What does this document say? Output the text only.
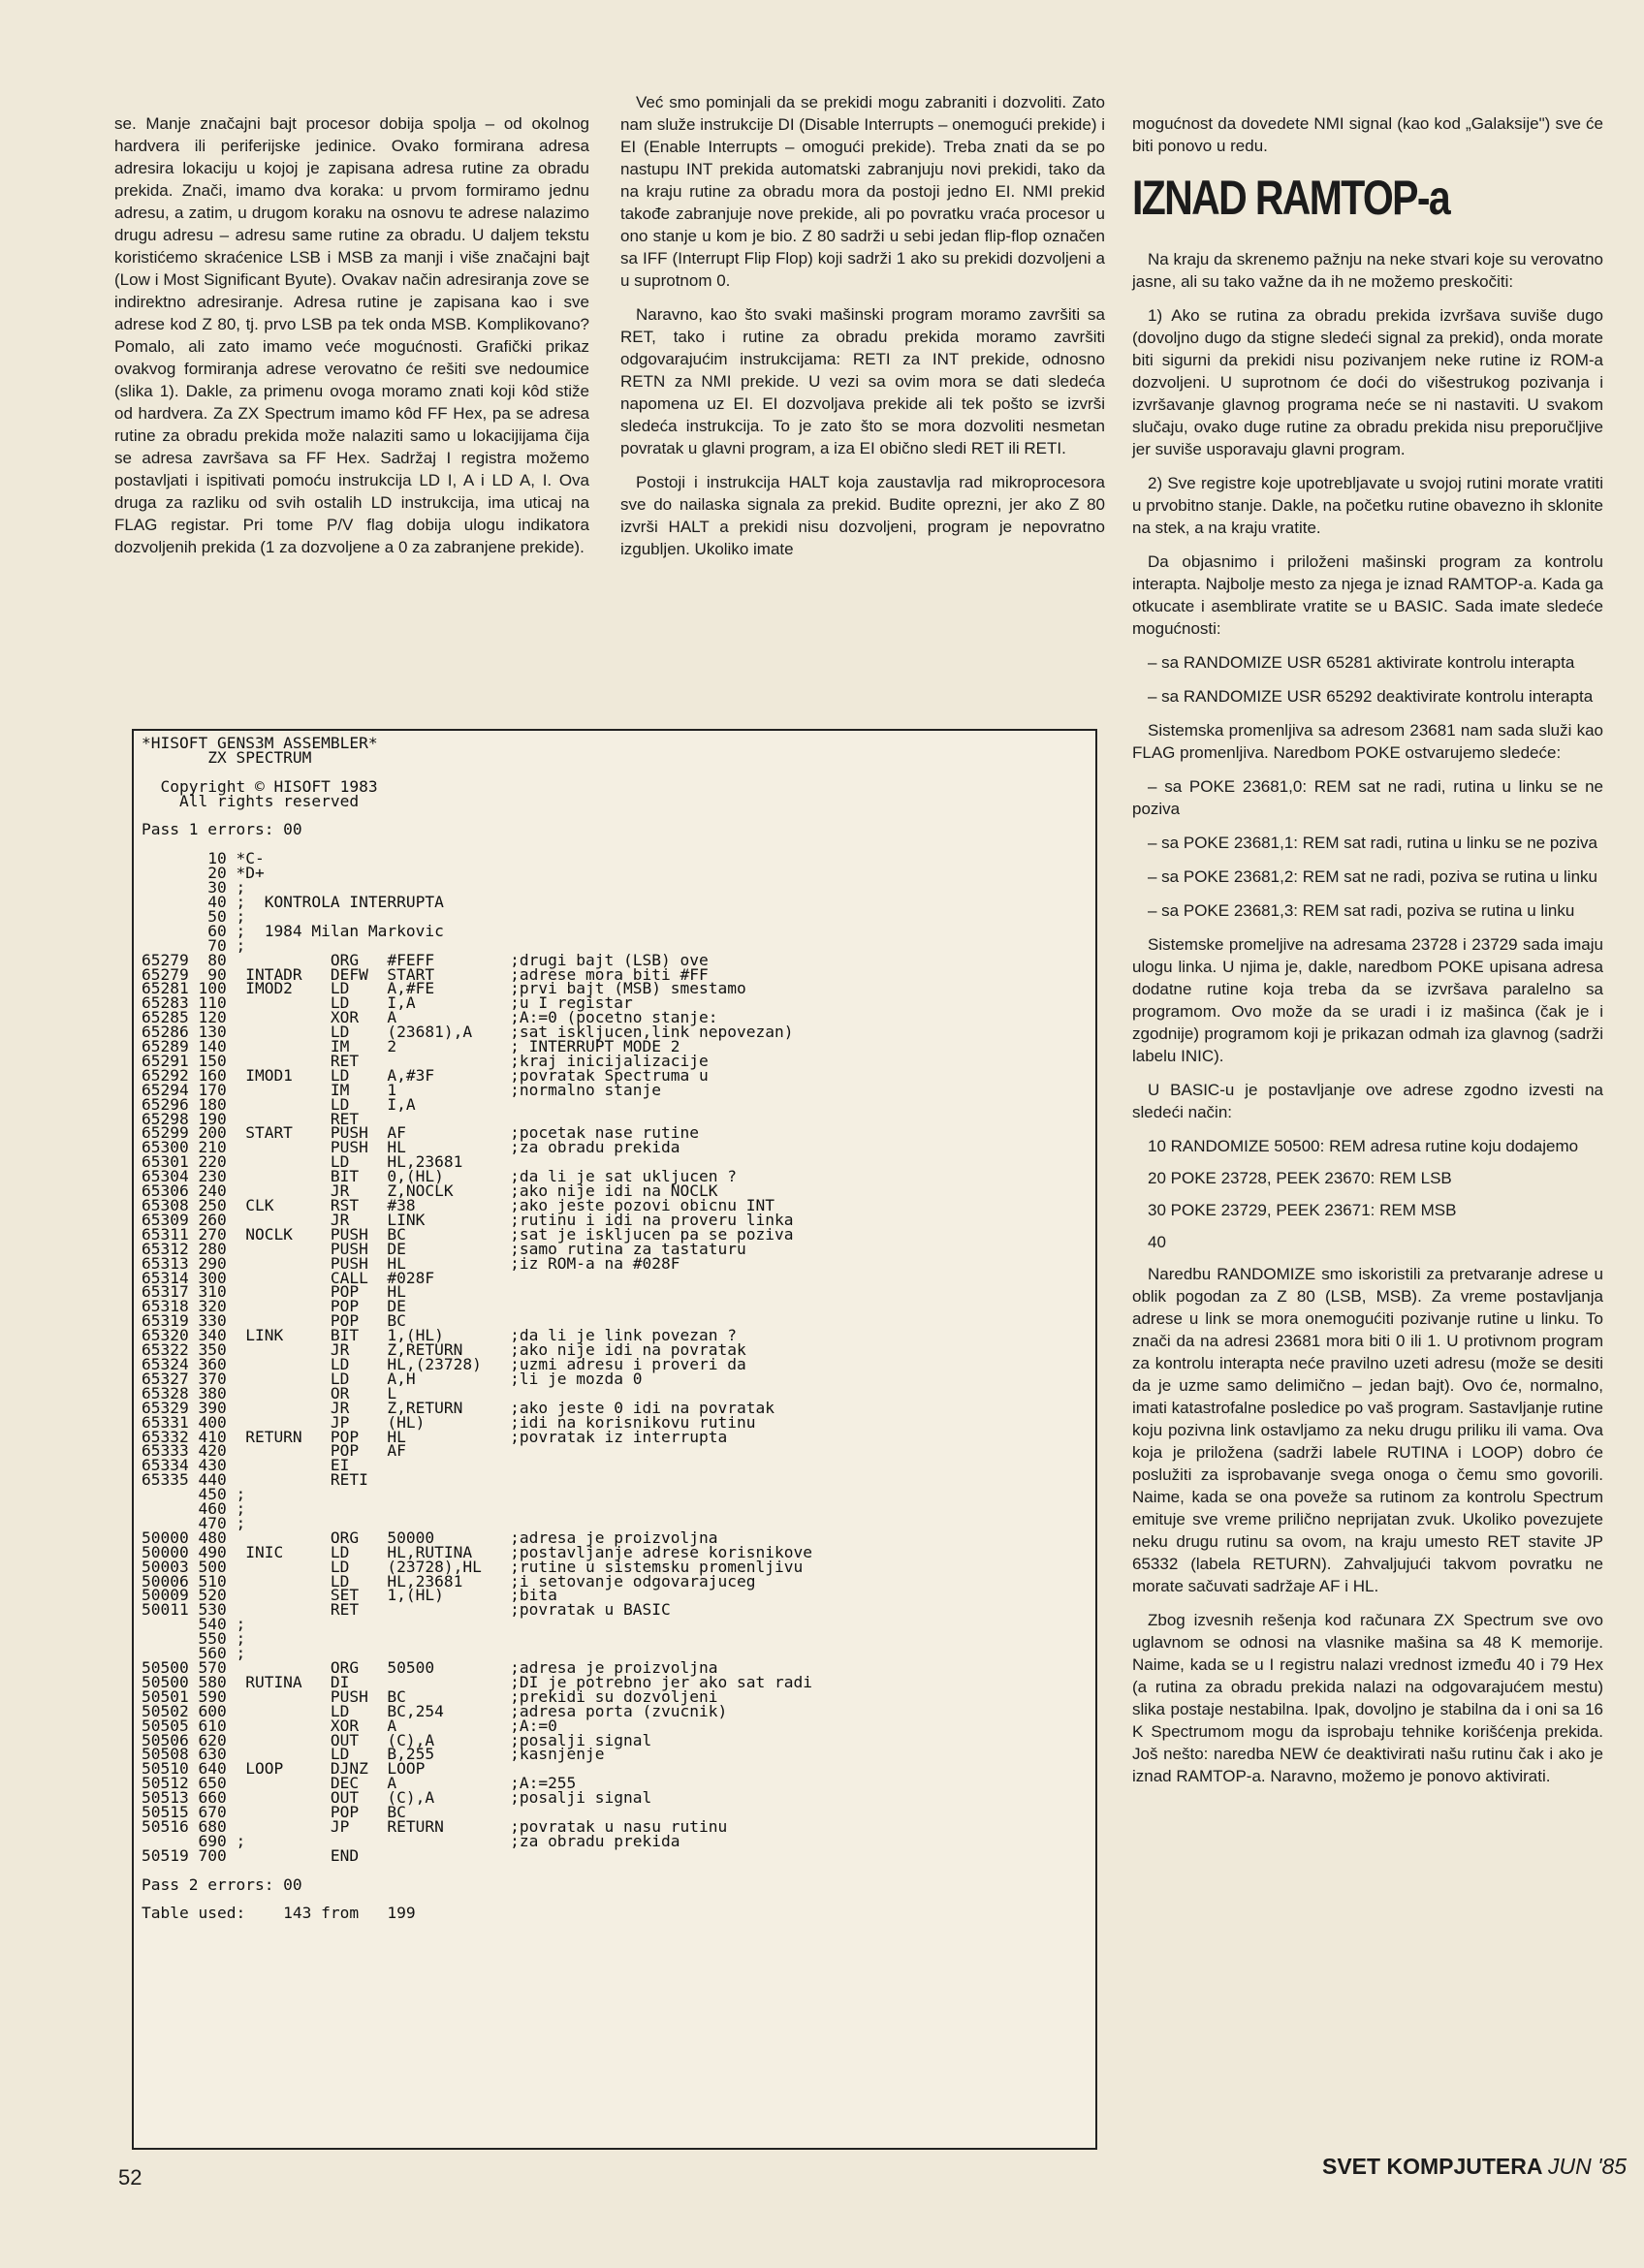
se. Manje značajni bajt procesor dobija spolja – od okolnog hardvera ili periferijske jedinice. Ovako formirana adresa adresira lokaciju u kojoj je zapisana adresa rutine za obradu prekida. Znači, imamo dva koraka: u prvom formiramo jednu adresu, a zatim, u drugom koraku na osnovu te adrese nalazimo drugu adresu – adresu same rutine za obradu. U daljem tekstu koristićemo skraćenice LSB i MSB za manji i više značajni bajt (Low i Most Significant Byute). Ovakav način adresiranja zove se indirektno adresiranje. Adresa rutine je zapisana kao i sve adrese kod Z 80, tj. prvo LSB pa tek onda MSB. Komplikovano? Pomalo, ali zato imamo veće mogućnosti. Grafički prikaz ovakvog formiranja adrese verovatno će rešiti sve nedoumice (slika 1). Dakle, za primenu ovoga moramo znati koji kôd stiže od hardvera. Za ZX Spectrum imamo kôd FF Hex, pa se adresa rutine za obradu prekida može nalaziti samo u lokacijijama čija se adresa završava sa FF Hex. Sadržaj I registra možemo postavljati i ispitivati pomoću instrukcija LD I, A i LD A, I. Ova druga za razliku od svih ostalih LD instrukcija, ima uticaj na FLAG registar. Pri tome P/V flag dobija ulogu indikatora dozvoljenih prekida (1 za dozvoljene a 0 za zabranjene prekide).

Već smo pominjali da se prekidi mogu zabraniti i dozvoliti. Zato nam služe instrukcije DI (Disable Interrupts – onemogući prekide) i EI (Enable Interrupts – omogući prekide). Treba znati da se po nastupu INT prekida automatski zabranjuju novi prekidi, tako da na kraju rutine za obradu mora da postoji jedno EI. NMI prekid takođe zabranjuje nove prekide, ali po povratku vraća procesor u ono stanje u kom je bio. Z 80 sadrži u sebi jedan flip-flop označen sa IFF (Interrupt Flip Flop) koji sadrži 1 ako su prekidi dozvoljeni a u suprotnom 0.

Naravno, kao što svaki mašinski program moramo završiti sa RET, tako i rutine za obradu prekida moramo završiti odgovarajućim instrukcijama: RETI za INT prekide, odnosno RETN za NMI prekide. U vezi sa ovim mora se dati sledeća napomena uz EI. EI dozvoljava prekide ali tek pošto se izvrši sledeća instrukcija. To je zato što se mora dozvoliti nesmetan povratak u glavni program, a iza EI obično sledi RET ili RETI.

Postoji i instrukcija HALT koja zaustavlja rad mikroprocesora sve do nailaska signala za prekid. Budite oprezni, jer ako Z 80 izvrši HALT a prekidi nisu dozvoljeni, program je nepovratno izgubljen. Ukoliko imate

mogućnost da dovedete NMI signal (kao kod „Galaksije") sve će biti ponovo u redu.

IZNAD RAMTOP-a

Na kraju da skrenemo pažnju na neke stvari koje su verovatno jasne, ali su tako važne da ih ne možemo preskočiti:

1) Ako se rutina za obradu prekida izvršava suviše dugo (dovoljno dugo da stigne sledeći signal za prekid), onda morate biti sigurni da prekidi nisu pozivanjem neke rutine iz ROM-a dozvoljeni. U suprotnom će doći do višestrukog pozivanja i izvršavanje glavnog programa neće se ni nastaviti. U svakom slučaju, ovako duge rutine za obradu prekida nisu preporučljive jer suviše usporavaju glavni program.

2) Sve registre koje upotrebljavate u svojoj rutini morate vratiti u prvobitno stanje. Dakle, na početku rutine obavezno ih sklonite na stek, a na kraju vratite.

Da objasnimo i priloženi mašinski program za kontrolu interapta. Najbolje mesto za njega je iznad RAMTOP-a. Kada ga otkucate i asemblirate vratite se u BASIC. Sada imate sledeće mogućnosti:

– sa RANDOMIZE USR 65281 aktivirate kontrolu interapta

– sa RANDOMIZE USR 65292 deaktivirate kontrolu interapta

Sistemska promenljiva sa adresom 23681 nam sada služi kao FLAG promenljiva. Naredbom POKE ostvarujemo sledeće:

– sa POKE 23681,0: REM sat ne radi, rutina u linku se ne poziva

– sa POKE 23681,1: REM sat radi, rutina u linku se ne poziva

– sa POKE 23681,2: REM sat ne radi, poziva se rutina u linku

– sa POKE 23681,3: REM sat radi, poziva se rutina u linku

Sistemske promeljive na adresama 23728 i 23729 sada imaju ulogu linka. U njima je, dakle, naredbom POKE upisana adresa dodatne rutine koja treba da se izvršava paralelno sa programom. Ovo može da se uradi i iz mašinca (čak je i zgodnije) programom koji je prikazan odmah iza glavnog (sadrži labelu INIC).

U BASIC-u je postavljanje ove adrese zgodno izvesti na sledeći način:

10 RANDOMIZE 50500: REM adresa rutine koju dodajemo

20 POKE 23728, PEEK 23670: REM LSB

30 POKE 23729, PEEK 23671: REM MSB

40

Naredbu RANDOMIZE smo iskoristili za pretvaranje adrese u oblik pogodan za Z 80 (LSB, MSB). Za vreme postavljanja adrese u link se mora onemogućiti pozivanje rutine u linku. To znači da na adresi 23681 mora biti 0 ili 1. U protivnom program za kontrolu interapta neće pravilno uzeti adresu (može se desiti da je uzme samo delimično – jedan bajt). Ovo će, normalno, imati katastrofalne posledice po vaš program. Sastavljanje rutine koju pozivna link ostavljamo za neku drugu priliku ili vama. Ova koja je priložena (sadrži labele RUTINA i LOOP) dobro će poslužiti za isprobavanje svega onoga o čemu smo govorili. Naime, kada se ona poveže sa rutinom za kontrolu Spectrum emituje sve vreme prilično neprijatan zvuk. Ukoliko povezujete neku drugu rutinu sa ovom, na kraju umesto RET stavite JP 65332 (labela RETURN). Zahvaljujući takvom povratku ne morate sačuvati sadržaje AF i HL.

Zbog izvesnih rešenja kod računara ZX Spectrum sve ovo uglavnom se odnosi na vlasnike mašina sa 48 K memorije. Naime, kada se u I registru nalazi vrednost između 40 i 79 Hex (a rutina za obradu prekida nalazi na odgovarajućem mestu) slika postaje nestabilna. Ipak, dovoljno je stabilna da i oni sa 16 K Spectrumom mogu da isprobaju tehnike korišćenja prekida. Još nešto: naredba NEW će deaktivirati našu rutinu čak i ako je iznad RAMTOP-a. Naravno, možemo je ponovo aktivirati.

*HISOFT GENS3M ASSEMBLER*
ZX SPECTRUM

Copyright © HISOFT 1983
All rights reserved

Pass 1 errors: 00

10 *C-
20 *D+
30 ;
40 ;  KONTROLA INTERRUPTA
50 ;
60 ;  1984 Milan Markovic
70 ;
65279  80           ORG   #FEFF        ;drugi bajt (LSB) ove
65279  90  INTADR   DEFW  START        ;adrese mora biti #FF
65281 100  IMOD2    LD    A,#FE        ;prvi bajt (MSB) smestamo
65283 110           LD    I,A          ;u I registar
65285 120           XOR   A            ;A:=0 (pocetno stanje:
65286 130           LD    (23681),A    ;sat iskljucen,link nepovezan)
65289 140           IM    2            ; INTERRUPT MODE 2
65291 150           RET                ;kraj inicijalizacije
65292 160  IMOD1    LD    A,#3F        ;povratak Spectruma u
65294 170           IM    1            ;normalno stanje
65296 180           LD    I,A
65298 190           RET
65299 200  START    PUSH  AF           ;pocetak nase rutine
65300 210           PUSH  HL           ;za obradu prekida
65301 220           LD    HL,23681
65304 230           BIT   0,(HL)       ;da li je sat ukljucen ?
65306 240           JR    Z,NOCLK      ;ako nije idi na NOCLK
65308 250  CLK      RST   #38          ;ako jeste pozovi obicnu INT
65309 260           JR    LINK         ;rutinu i idi na proveru linka
65311 270  NOCLK    PUSH  BC           ;sat je iskljucen pa se poziva
65312 280           PUSH  DE           ;samo rutina za tastaturu
65313 290           PUSH  HL           ;iz ROM-a na #028F
65314 300           CALL  #028F
65317 310           POP   HL
65318 320           POP   DE
65319 330           POP   BC
65320 340  LINK     BIT   1,(HL)       ;da li je link povezan ?
65322 350           JR    Z,RETURN     ;ako nije idi na povratak
65324 360           LD    HL,(23728)   ;uzmi adresu i proveri da
65327 370           LD    A,H          ;li je mozda 0
65328 380           OR    L
65329 390           JR    Z,RETURN     ;ako jeste 0 idi na povratak
65331 400           JP    (HL)         ;idi na korisnikovu rutinu
65332 410  RETURN   POP   HL           ;povratak iz interrupta
65333 420           POP   AF
65334 430           EI
65335 440           RETI
450 ;
460 ;
470 ;
50000 480           ORG   50000        ;adresa je proizvoljna
50000 490  INIC     LD    HL,RUTINA    ;postavljanje adrese korisnikove
50003 500           LD    (23728),HL   ;rutine u sistemsku promenljivu
50006 510           LD    HL,23681     ;i setovanje odgovarajuceg
50009 520           SET   1,(HL)       ;bita
50011 530           RET                ;povratak u BASIC
540 ;
550 ;
560 ;
50500 570           ORG   50500        ;adresa je proizvoljna
50500 580  RUTINA   DI                 ;DI je potrebno jer ako sat radi
50501 590           PUSH  BC           ;prekidi su dozvoljeni
50502 600           LD    BC,254       ;adresa porta (zvucnik)
50505 610           XOR   A            ;A:=0
50506 620           OUT   (C),A        ;posalji signal
50508 630           LD    B,255        ;kasnjenje
50510 640  LOOP     DJNZ  LOOP
50512 650           DEC   A            ;A:=255
50513 660           OUT   (C),A        ;posalji signal
50515 670           POP   BC
50516 680           JP    RETURN       ;povratak u nasu rutinu
690 ;                            ;za obradu prekida
50519 700           END

Pass 2 errors: 00

Table used:    143 from   199

52	SVET KOMPJUTERA JUN '85
